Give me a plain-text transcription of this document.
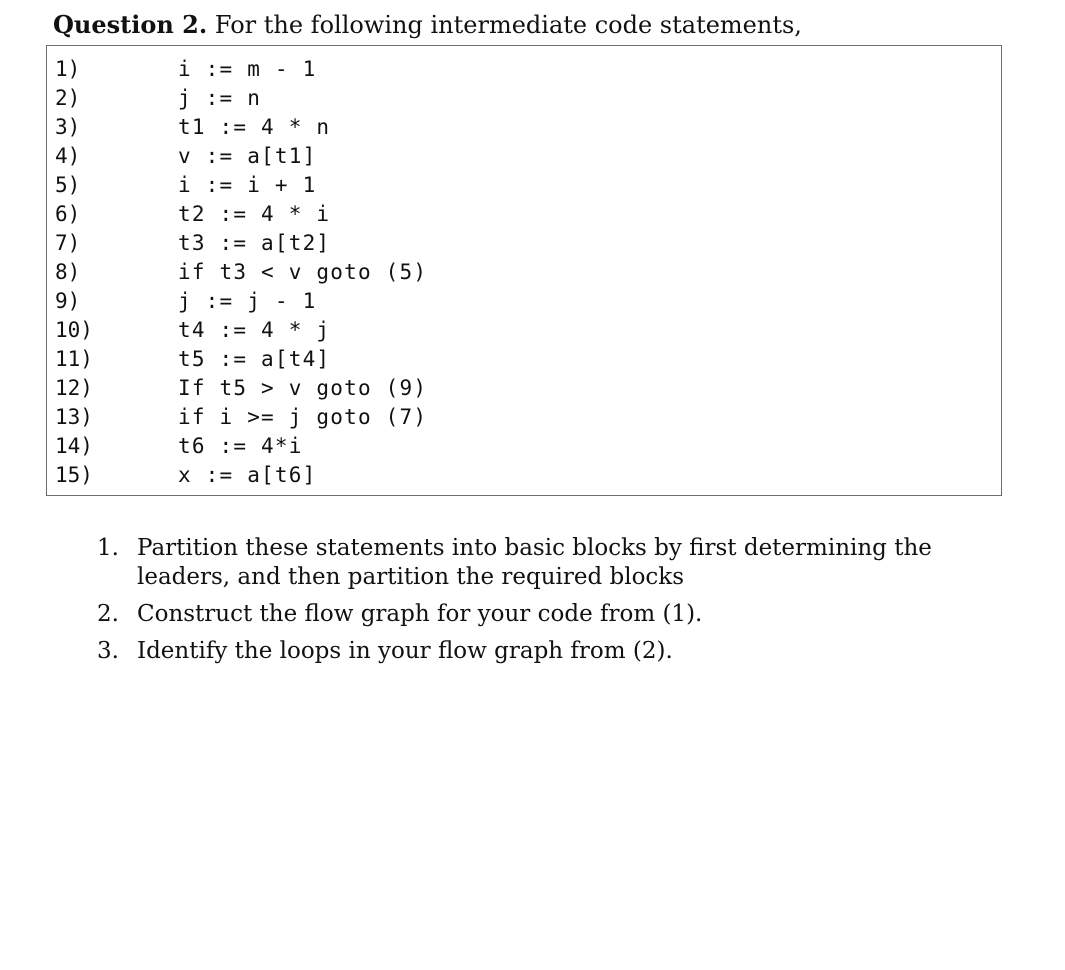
Question 2. For the following intermediate code statements,

1)

	i := m - 1

2)

	j := n

3)

	t1 := 4 * n

4)

	v := a[t1]

5)

	i := i + 1

6)

	t2 := 4 * i

7)

	t3 := a[t2]

8)

	if t3 < v goto (5)

9)

	j := j - 1

10)

	t4 := 4 * j

11)

	t5 := a[t4]

12)

	If t5 > v goto (9)

13)

	if i >= j goto (7)

14)

	t6 := 4*i

15)

	x := a[t6]

1. Partition these statements into basic blocks by first determining the leaders, and then partition the required blocks
2. Construct the flow graph for your code from (1).
3. Identify the loops in your flow graph from (2).
